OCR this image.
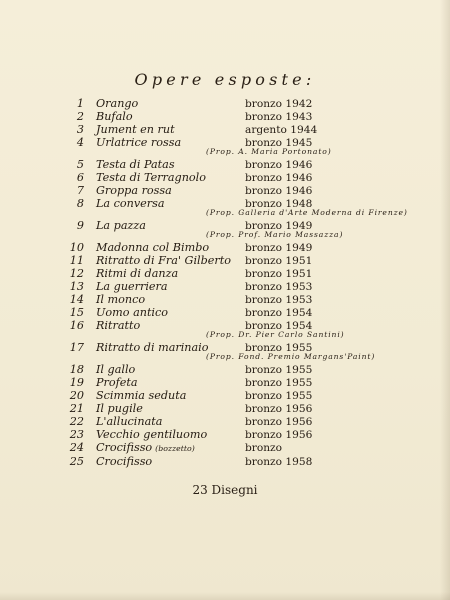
Opere esposte:
1 Orango	bronzo 1942
2 Bufalo	bronzo 1943
3 Jument en rut	argento 1944
4 Urlatrice rossa	bronzo 1945
(Prop. A. Maria Portonato)
5 Testa di Patas	bronzo 1946
6 Testa di Terragnolo	bronzo 1946
7 Groppa rossa	bronzo 1946
8 La conversa	bronzo 1948
(Prop. Galleria d'Arte Moderna di Firenze)
9 La pazza	bronzo 1949
(Prop. Prof. Mario Massazza)
10 Madonna col Bimbo	bronzo 1949
11 Ritratto di Fra' Gilberto bronzo 1951
12 Ritmi di danza	bronzo 1951
13 La guerriera	bronzo 1953
14 Il monco	bronzo 1953
15 Uomo antico	bronzo 1954
16 Ritratto	bronzo 1954
(Prop. Dr. Pier Carlo Santini)
17 Ritratto di marinaio	bronzo 1955
(Prop. Fond. Premio Margans'Paint)
18 Il gallo	bronzo 1955
19 Profeta	bronzo 1955
20 Scimmia seduta	bronzo 1955
21 Il pugile	bronzo 1956
22 L'allucinata	bronzo 1956
23 Vecchio gentiluomo	bronzo 1956
24 Crocifisso (bozzetto)	bronzo
25 Crocifisso	bronzo 1958
23 Disegni
